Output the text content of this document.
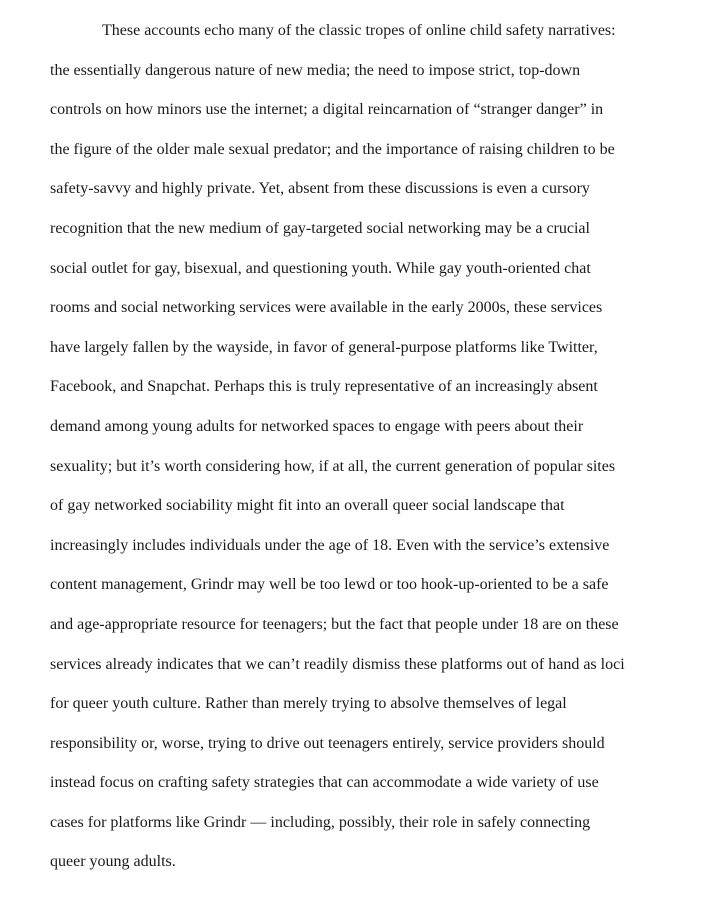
These accounts echo many of the classic tropes of online child safety narratives:
the essentially dangerous nature of new media; the need to impose strict, top-down
controls on how minors use the internet; a digital reincarnation of “stranger danger” in
the figure of the older male sexual predator; and the importance of raising children to be
safety-savvy and highly private. Yet, absent from these discussions is even a cursory
recognition that the new medium of gay-targeted social networking may be a crucial
social outlet for gay, bisexual, and questioning youth. While gay youth-oriented chat
rooms and social networking services were available in the early 2000s, these services
have largely fallen by the wayside, in favor of general-purpose platforms like Twitter,
Facebook, and Snapchat. Perhaps this is truly representative of an increasingly absent
demand among young adults for networked spaces to engage with peers about their
sexuality; but it’s worth considering how, if at all, the current generation of popular sites
of gay networked sociability might fit into an overall queer social landscape that
increasingly includes individuals under the age of 18. Even with the service’s extensive
content management, Grindr may well be too lewd or too hook-up-oriented to be a safe
and age-appropriate resource for teenagers; but the fact that people under 18 are on these
services already indicates that we can’t readily dismiss these platforms out of hand as loci
for queer youth culture. Rather than merely trying to absolve themselves of legal
responsibility or, worse, trying to drive out teenagers entirely, service providers should
instead focus on crafting safety strategies that can accommodate a wide variety of use
cases for platforms like Grindr — including, possibly, their role in safely connecting
queer young adults.
